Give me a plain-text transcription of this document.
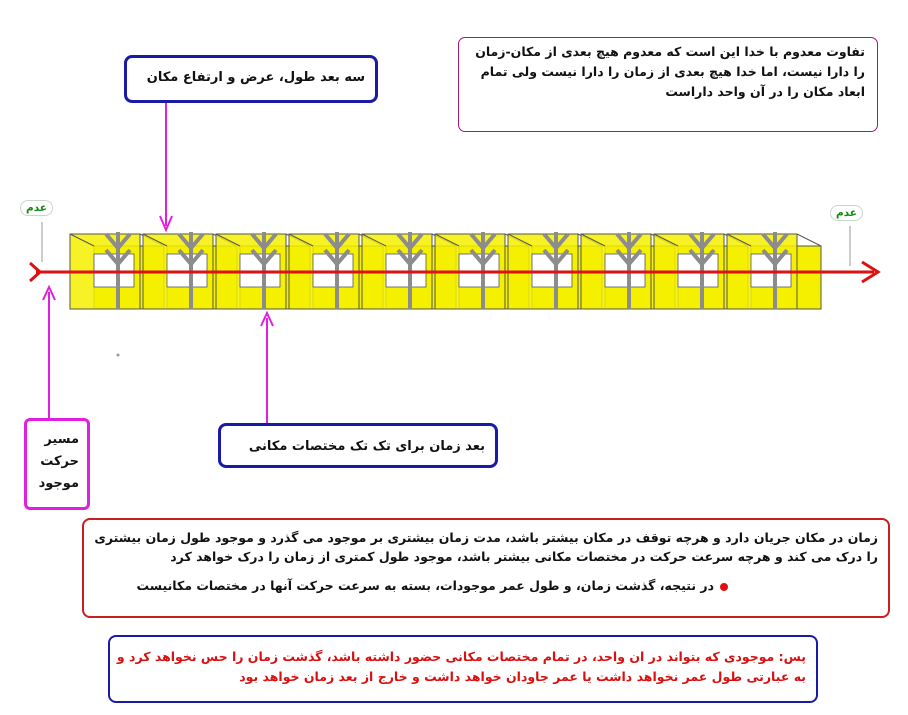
عدم	عدم
سه بعد طول، عرض و ارتفاع مکان
تفاوت معدوم با خدا این است که معدوم هیچ بعدی از مکان-زمان را دارا نیست، اما خدا هیچ بعدی از زمان را دارا نیست ولی تمام ابعاد مکان را در آن واحد داراست
بعد زمان برای تک تک مختصات مکانی
مسیر حرکت موجود
زمان در مکان جریان دارد و هرچه توقف در مکان بیشتر باشد، مدت زمان بیشتری بر موجود می گذرد و موجود طول زمان بیشتری را درک می کند و هرچه سرعت حرکت در مختصات مکانی بیشتر باشد، موجود طول کمتری از زمان را درک خواهد کرد
در نتیجه، گذشت زمان، و طول عمر موجودات، بسته به سرعت حرکت آنها در مختصات مکانیست
پس: موجودی که بتواند در ان واحد، در تمام مختصات مکانی حضور داشته باشد، گذشت زمان را حس نخواهد کرد و به عبارتی طول عمر نخواهد داشت یا عمر جاودان خواهد داشت و خارج از بعد زمان خواهد بود
